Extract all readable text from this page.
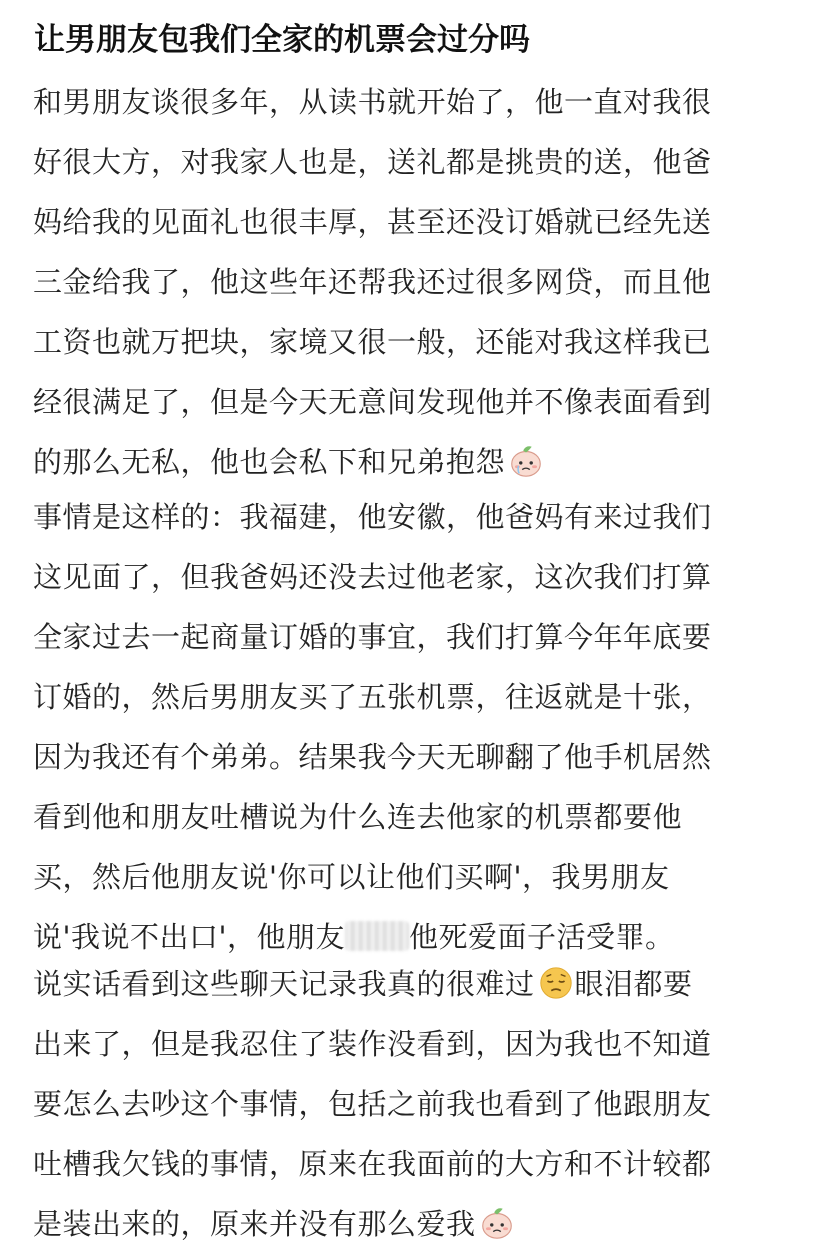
让男朋友包我们全家的机票会过分吗
和男朋友谈很多年，从读书就开始了，他一直对我很
好很大方，对我家人也是，送礼都是挑贵的送，他爸
妈给我的见面礼也很丰厚，甚至还没订婚就已经先送
三金给我了，他这些年还帮我还过很多网贷，而且他
工资也就万把块，家境又很一般，还能对我这样我已
经很满足了，但是今天无意间发现他并不像表面看到
的那么无私，他也会私下和兄弟抱怨
事情是这样的：我福建，他安徽，他爸妈有来过我们
这见面了，但我爸妈还没去过他老家，这次我们打算
全家过去一起商量订婚的事宜，我们打算今年年底要
订婚的，然后男朋友买了五张机票，往返就是十张，
因为我还有个弟弟。结果我今天无聊翻了他手机居然
看到他和朋友吐槽说为什么连去他家的机票都要他
买，然后他朋友说'你可以让他们买啊'，我男朋友
说'我说不出口'，他朋友 他死爱面子活受罪。
说实话看到这些聊天记录我真的很难过 眼泪都要
出来了，但是我忍住了装作没看到，因为我也不知道
要怎么去吵这个事情，包括之前我也看到了他跟朋友
吐槽我欠钱的事情，原来在我面前的大方和不计较都
是装出来的，原来并没有那么爱我
